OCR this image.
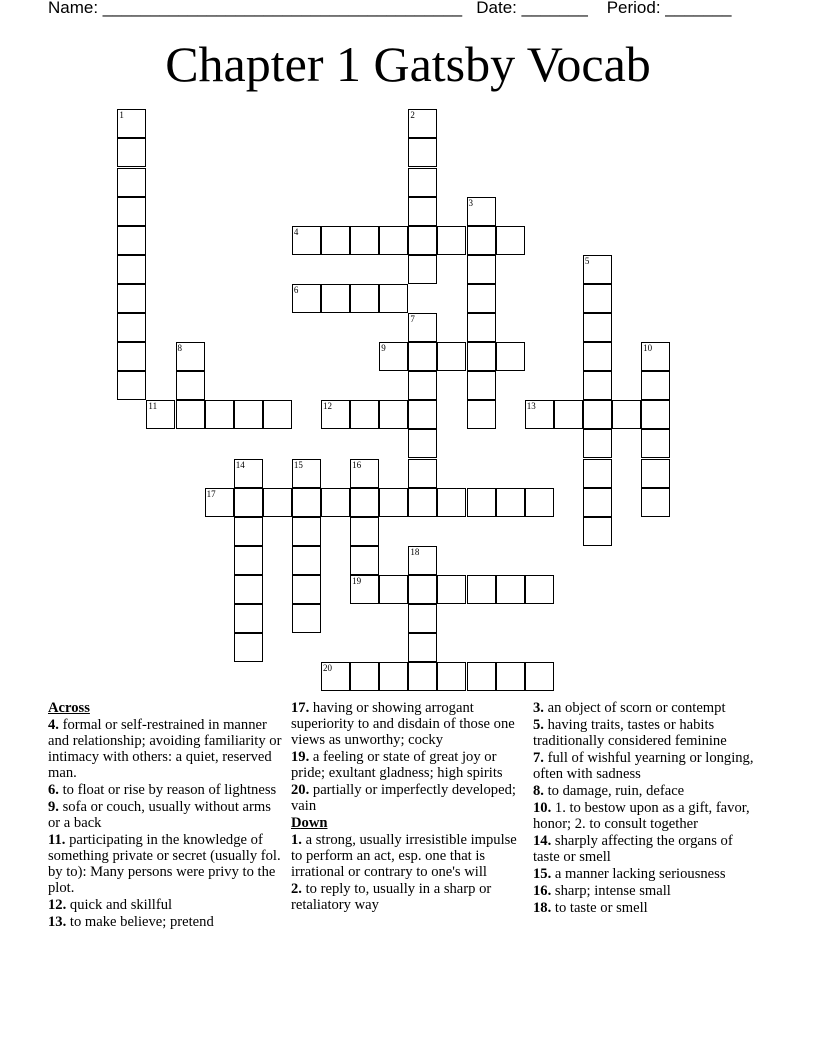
Name: ______________________________________ Date: _______ Period: _______
Chapter 1 Gatsby Vocab
1	2
3
4
5
6
7
8	9	10
11	12	13
14	15	16
19
17
18
20
Across
4. formal or self-restrained in manner and relationship; avoiding familiarity or intimacy with others: a quiet, reserved man.
6. to float or rise by reason of lightness
9. sofa or couch, usually without arms or a back
11. participating in the knowledge of something private or secret (usually fol. by to): Many persons were privy to the plot.
12. quick and skillful
13. to make believe; pretend
17. having or showing arrogant superiority to and disdain of those one views as unworthy; cocky
19. a feeling or state of great joy or pride; exultant gladness; high spirits
20. partially or imperfectly developed; vain
Down
1. a strong, usually irresistible impulse to perform an act, esp. one that is irrational or contrary to one's will
2. to reply to, usually in a sharp or retaliatory way
3. an object of scorn or contempt
5. having traits, tastes or habits traditionally considered feminine
7. full of wishful yearning or longing, often with sadness
8. to damage, ruin, deface
10. 1. to bestow upon as a gift, favor, honor; 2. to consult together
14. sharply affecting the organs of taste or smell
15. a manner lacking seriousness
16. sharp; intense small
18. to taste or smell
